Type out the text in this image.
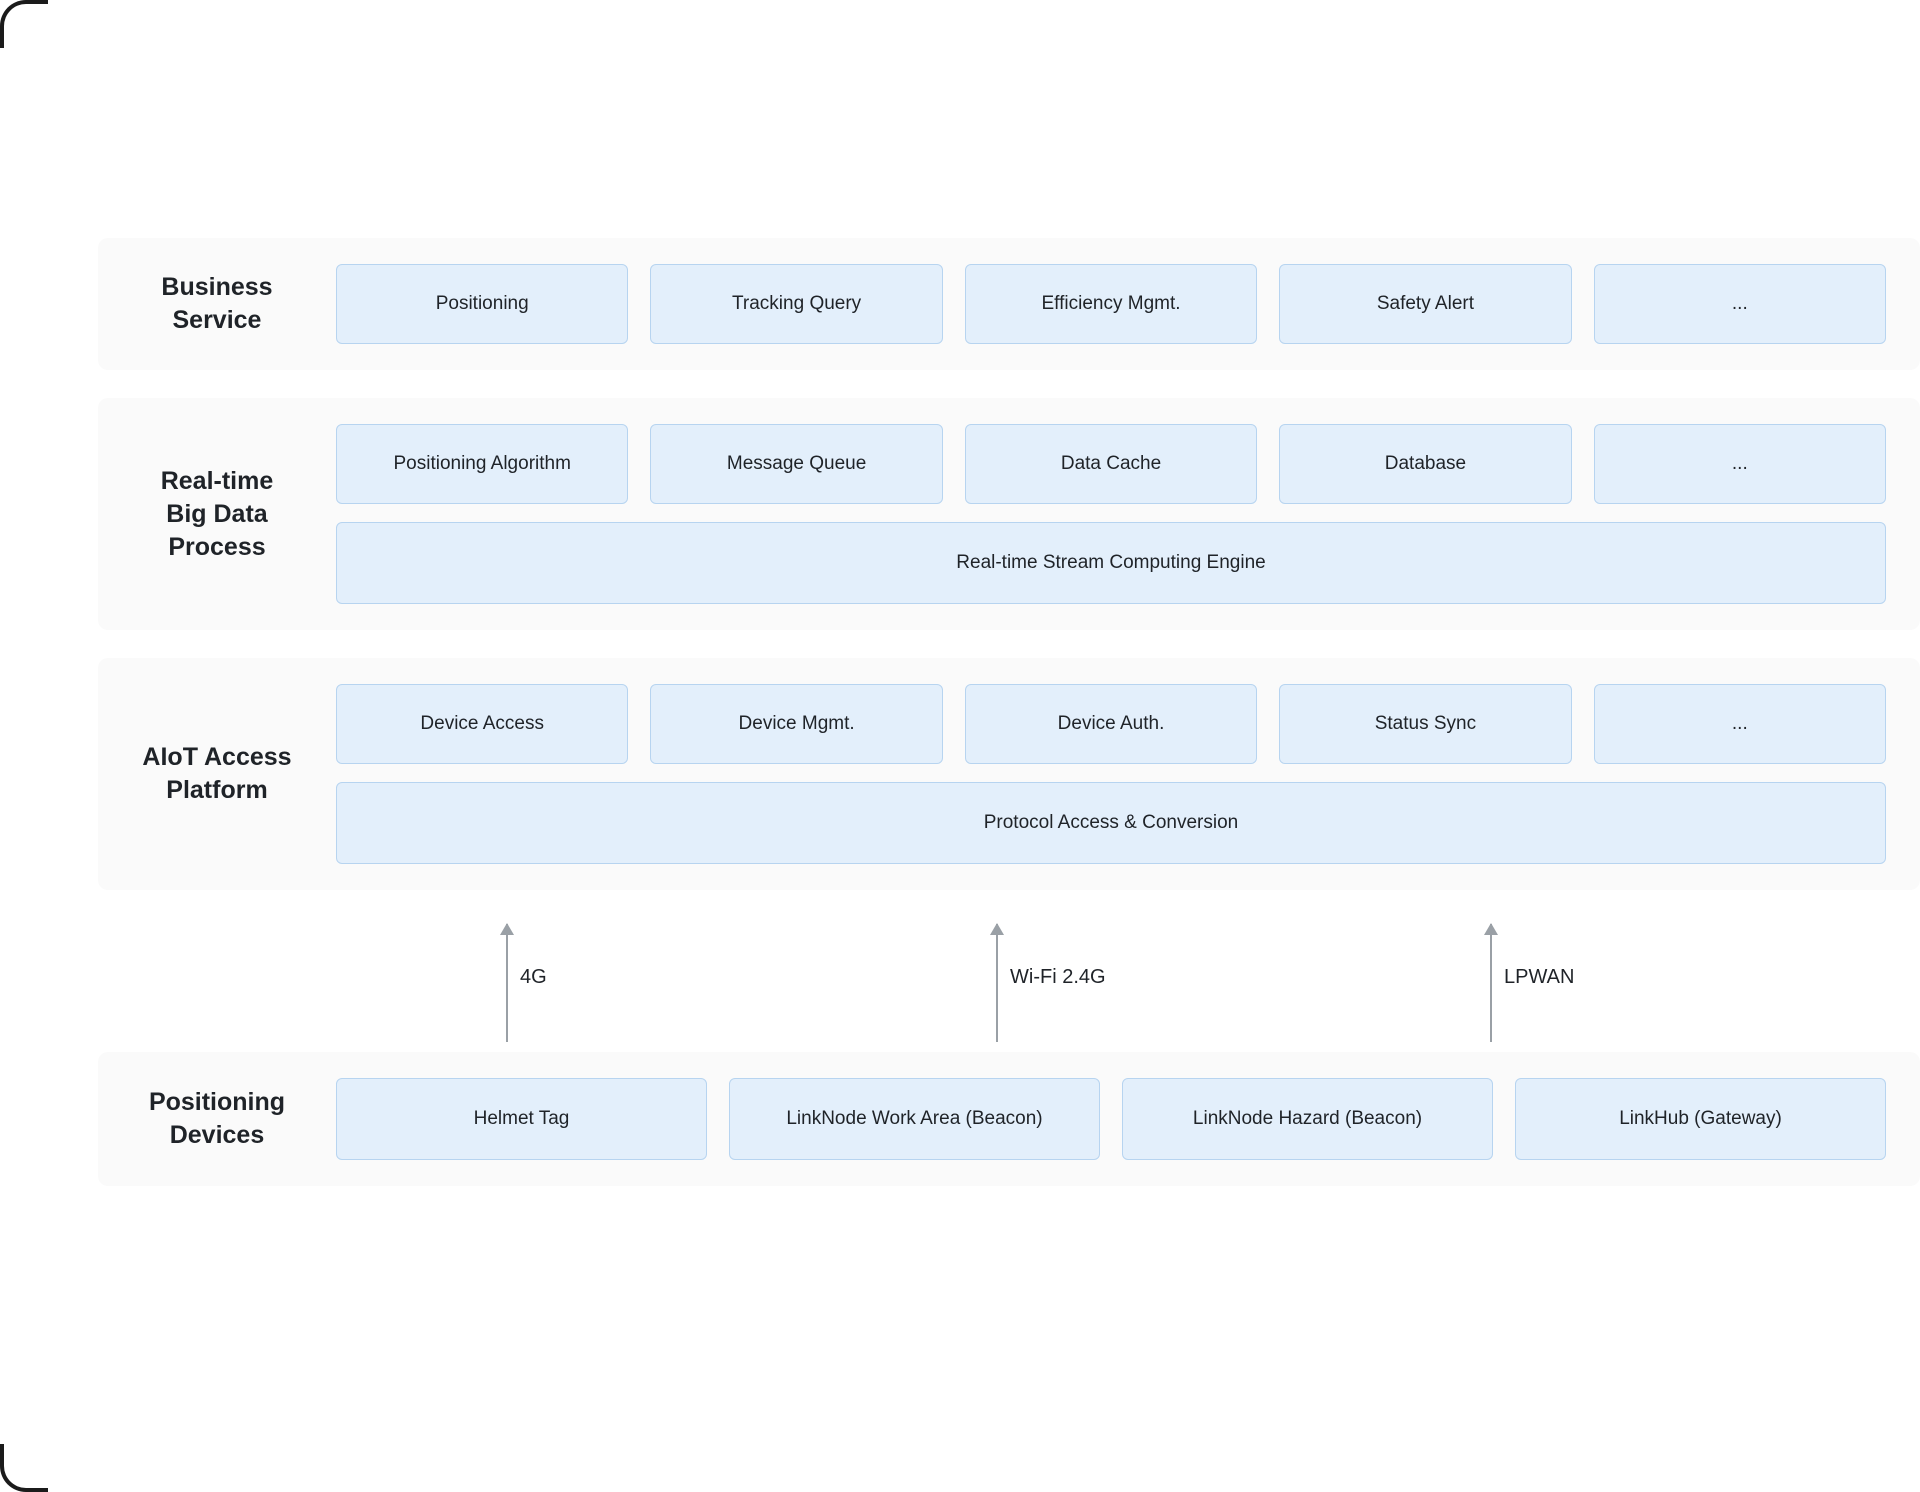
Business
Service
Positioning	Tracking Query	Efficiency Mgmt.	Safety Alert	...
Real-time
Big Data
Process
Positioning Algorithm	Message Queue	Data Cache	Database	...
Real-time Stream Computing Engine
AIoT Access
Platform
Device Access	Device Mgmt.	Device Auth.	Status Sync	...
Protocol Access & Conversion
4G	Wi-Fi 2.4G	LPWAN
Positioning
Devices
Helmet Tag	LinkNode Work Area (Beacon)	LinkNode Hazard (Beacon)	LinkHub (Gateway)
